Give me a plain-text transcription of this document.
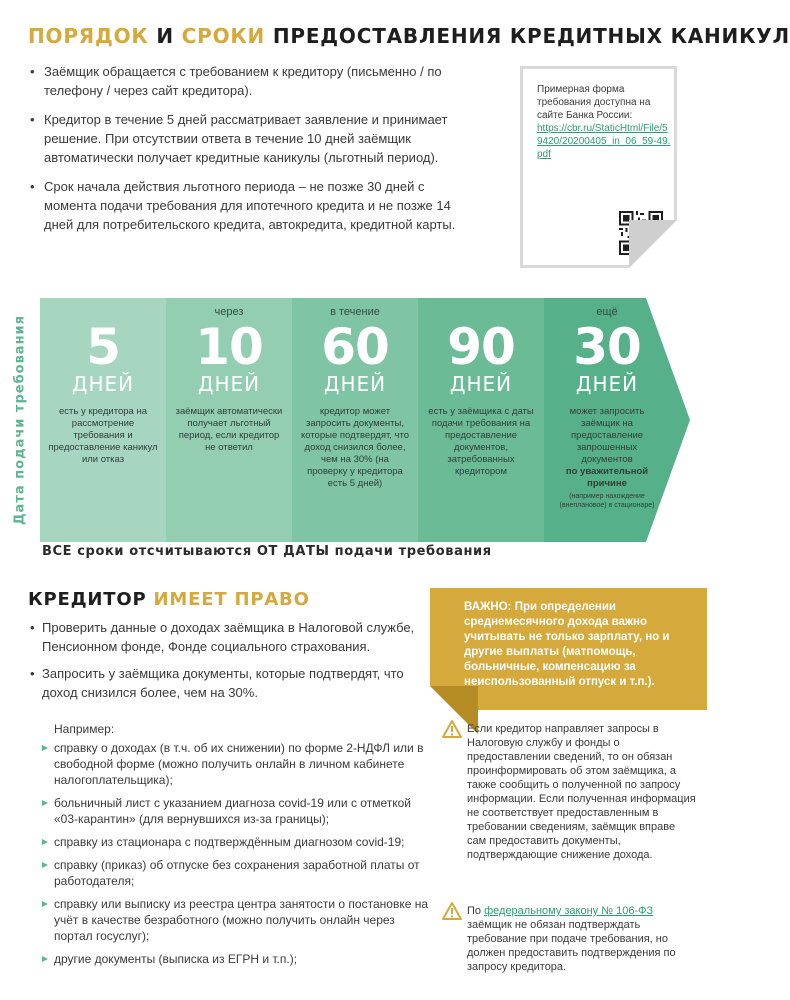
ПОРЯДОК И СРОКИ ПРЕДОСТАВЛЕНИЯ КРЕДИТНЫХ КАНИКУЛ
• Заёмщик обращается с требованием к кредитору (письменно / по телефону / через сайт кредитора).
• Кредитор в течение 5 дней рассматривает заявление и принимает решение. При отсутствии ответа в течение 10 дней заёмщик автоматически получает кредитные каникулы (льготный период).
• Срок начала действия льготного периода – не позже 30 дней с момента подачи требования для ипотечного кредита и не позже 14 дней для потребительского кредита, автокредита, кредитной карты.
Примерная форма требования доступна на сайте Банка России:
https://cbr.ru/StaticHtml/File/59420/20200405_in_06_59-49.pdf
Дата подачи требования	5
ДНЕЙ
есть у кредитора на рассмотрение требования и предоставление каникул или отказ
через
10
ДНЕЙ
заёмщик автоматически получает льготный период, если кредитор не ответил
в течение
60
ДНЕЙ
кредитор может запросить документы, которые подтвердят, что доход снизился более, чем на 30% (на проверку у кредитора есть 5 дней)
90
ДНЕЙ
есть у заёмщика с даты подачи требования на предоставление документов, затребованных кредитором
ещё
30
ДНЕЙ
может запросить заёмщик на предоставление запрошенных документов
по уважительной причине
(например нахождение (внеплановое) в стационаре)
ВСЕ сроки отсчитываются ОТ ДАТЫ подачи требования
КРЕДИТОР ИМЕЕТ ПРАВО
• Проверить данные о доходах заёмщика в Налоговой службе, Пенсионном фонде, Фонде социального страхования.
• Запросить у заёмщика документы, которые подтвердят, что доход снизился более, чем на 30%.
Например:
справку о доходах (в т.ч. об их снижении) по форме 2-НДФЛ или в свободной форме (можно получить онлайн в личном кабинете налогоплательщика);
больничный лист с указанием диагноза covid-19 или с отметкой «03-карантин» (для вернувшихся из-за границы);
справку из стационара с подтверждённым диагнозом covid-19;
справку (приказ) об отпуске без сохранения заработной платы от работодателя;
справку или выписку из реестра центра занятости о постановке на учёт в качестве безработного (можно получить онлайн через портал госуслуг);
другие документы (выписка из ЕГРН и т.п.);
ВАЖНО: При определении среднемесячного дохода важно учитывать не только зарплату, но и другие выплаты (матпомощь, больничные, компенсацию за неиспользованный отпуск и т.п.).
Если кредитор направляет запросы в Налоговую службу и фонды о предоставлении сведений, то он обязан проинформировать об этом заёмщика, а также сообщить о полученной по запросу информации. Если полученная информация не соответствует предоставленным в требовании сведениям, заёмщик вправе сам предоставить документы, подтверждающие снижение дохода.
По федеральному закону № 106-ФЗ заёмщик не обязан подтверждать требование при подаче требования, но должен предоставить подтверждения по запросу кредитора.
